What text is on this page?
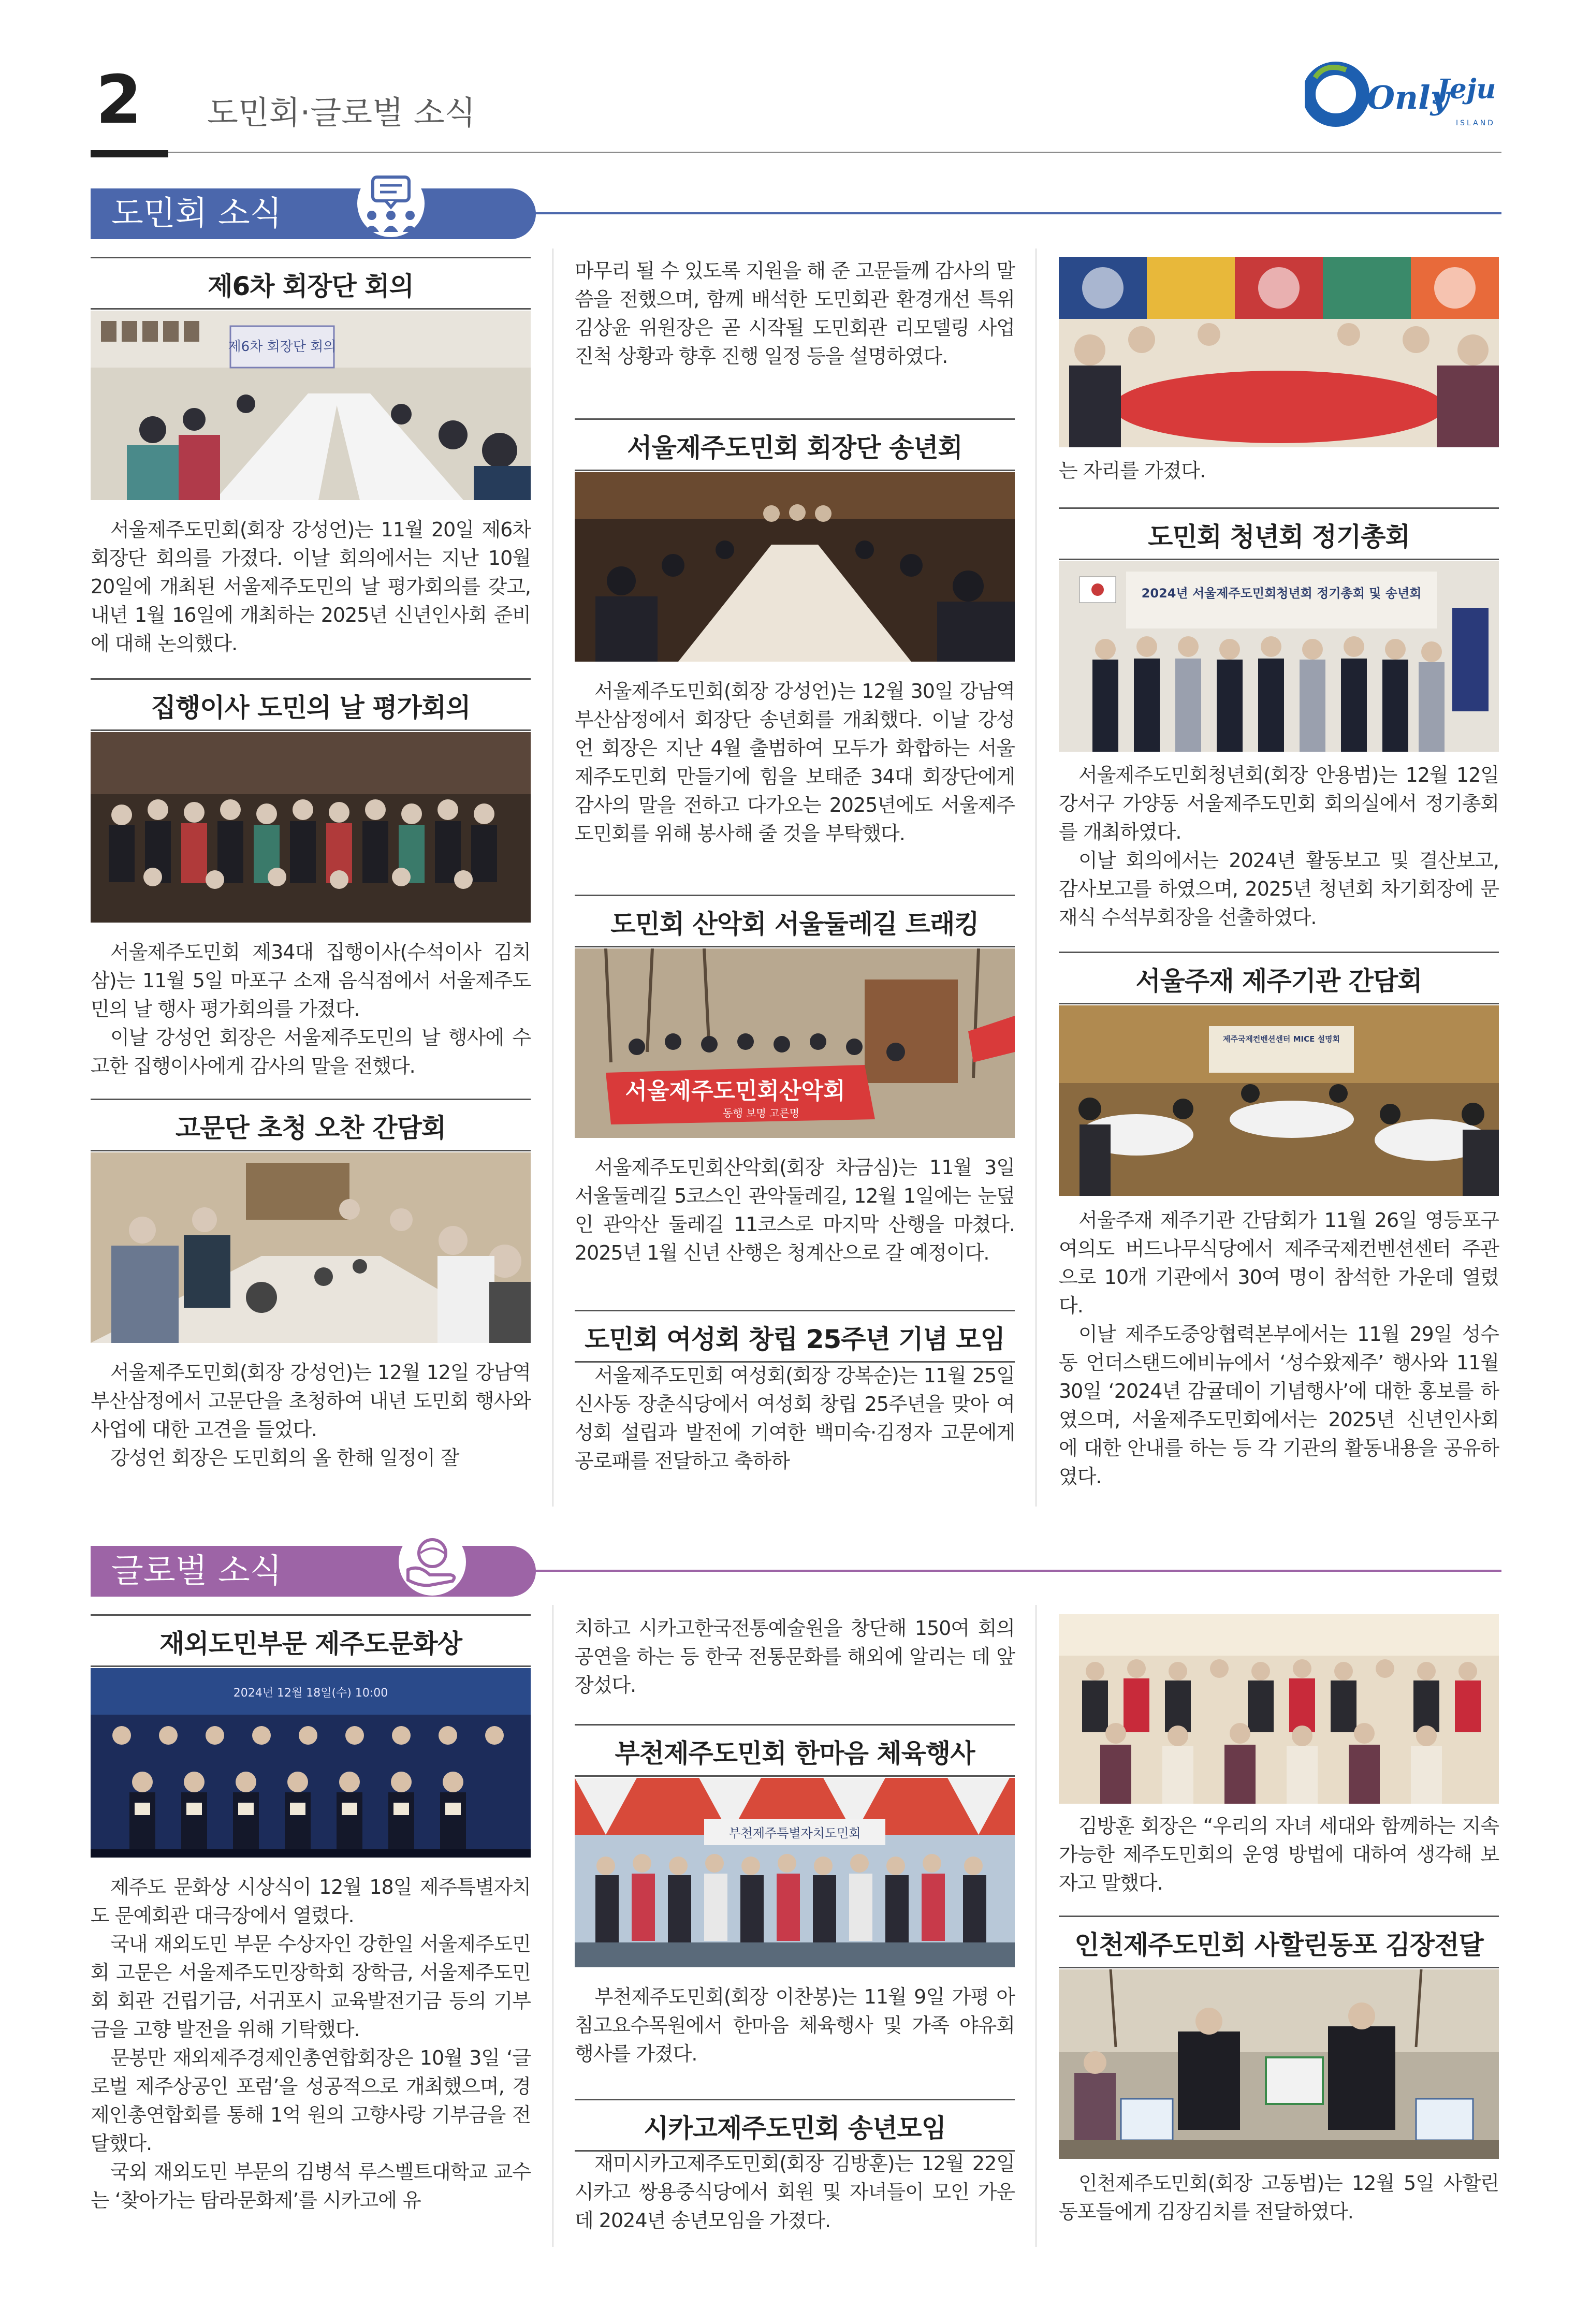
2 도민회·글로벌 소식	Only
Jeju
ISLAND
도민회 소식
제6차 회장단 회의
제6차 회장단 회의

서울제주도민회(회장 강성언)는 11월 20일 제6차 회장단 회의를 가졌다. 이날 회의에서는 지난 10월 20일에 개최된 서울제주도민의 날 평가회의를 갖고, 내년 1월 16일에 개최하는 2025년 신년인사회 준비에 대해 논의했다.

집행이사 도민의 날 평가회의

서울제주도민회 제34대 집행이사(수석이사 김치삼)는 11월 5일 마포구 소재 음식점에서 서울제주도민의 날 행사 평가회의를 가졌다.

이날 강성언 회장은 서울제주도민의 날 행사에 수고한 집행이사에게 감사의 말을 전했다.

고문단 초청 오찬 간담회

서울제주도민회(회장 강성언)는 12월 12일 강남역 부산삼정에서 고문단을 초청하여 내년 도민회 행사와 사업에 대한 고견을 들었다.

강성언 회장은 도민회의 올 한해 일정이 잘

마무리 될 수 있도록 지원을 해 준 고문들께 감사의 말씀을 전했으며, 함께 배석한 도민회관 환경개선 특위 김상윤 위원장은 곧 시작될 도민회관 리모델링 사업 진척 상황과 향후 진행 일정 등을 설명하였다.

서울제주도민회 회장단 송년회

서울제주도민회(회장 강성언)는 12월 30일 강남역 부산삼정에서 회장단 송년회를 개최했다. 이날 강성언 회장은 지난 4월 출범하여 모두가 화합하는 서울제주도민회 만들기에 힘을 보태준 34대 회장단에게 감사의 말을 전하고 다가오는 2025년에도 서울제주도민회를 위해 봉사해 줄 것을 부탁했다.

도민회 산악회 서울둘레길 트래킹
서울제주도민회산악회
동행 보명 고른명

서울제주도민회산악회(회장 차금심)는 11월 3일 서울둘레길 5코스인 관악둘레길, 12월 1일에는 눈덮인 관악산 둘레길 11코스로 마지막 산행을 마쳤다. 2025년 1월 신년 산행은 청계산으로 갈 예정이다.

도민회 여성회 창립 25주년 기념 모임

서울제주도민회 여성회(회장 강복순)는 11월 25일 신사동 장춘식당에서 여성회 창립 25주년을 맞아 여성회 설립과 발전에 기여한 백미숙·김정자 고문에게 공로패를 전달하고 축하하

는 자리를 가졌다.

도민회 청년회 정기총회
2024년 서울제주도민회청년회 정기총회 및 송년회

서울제주도민회청년회(회장 안용범)는 12월 12일 강서구 가양동 서울제주도민회 회의실에서 정기총회를 개최하였다.

이날 회의에서는 2024년 활동보고 및 결산보고, 감사보고를 하였으며, 2025년 청년회 차기회장에 문재식 수석부회장을 선출하였다.

서울주재 제주기관 간담회
제주국제컨벤션센터 MICE 설명회

서울주재 제주기관 간담회가 11월 26일 영등포구 여의도 버드나무식당에서 제주국제컨벤션센터 주관으로 10개 기관에서 30여 명이 참석한 가운데 열렸다.

이날 제주도중앙협력본부에서는 11월 29일 성수동 언더스탠드에비뉴에서 ‘성수왔제주’ 행사와 11월 30일 ‘2024년 감귤데이 기념행사’에 대한 홍보를 하였으며, 서울제주도민회에서는 2025년 신년인사회에 대한 안내를 하는 등 각 기관의 활동내용을 공유하였다.

글로벌 소식
재외도민부문 제주도문화상
2024년 12월 18일(수) 10:00

제주도 문화상 시상식이 12월 18일 제주특별자치도 문예회관 대극장에서 열렸다.

국내 재외도민 부문 수상자인 강한일 서울제주도민회 고문은 서울제주도민장학회 장학금, 서울제주도민회 회관 건립기금, 서귀포시 교육발전기금 등의 기부금을 고향 발전을 위해 기탁했다.

문봉만 재외제주경제인총연합회장은 10월 3일 ‘글로벌 제주상공인 포럼’을 성공적으로 개최했으며, 경제인총연합회를 통해 1억 원의 고향사랑 기부금을 전달했다.

국외 재외도민 부문의 김병석 루스벨트대학교 교수는 ‘찾아가는 탐라문화제’를 시카고에 유

치하고 시카고한국전통예술원을 창단해 150여 회의 공연을 하는 등 한국 전통문화를 해외에 알리는 데 앞장섰다.

부천제주도민회 한마음 체육행사
부천제주특별자치도민회

부천제주도민회(회장 이찬봉)는 11월 9일 가평 아침고요수목원에서 한마음 체육행사 및 가족 야유회 행사를 가졌다.

시카고제주도민회 송년모임

재미시카고제주도민회(회장 김방훈)는 12월 22일 시카고 쌍용중식당에서 회원 및 자녀들이 모인 가운데 2024년 송년모임을 가졌다.

김방훈 회장은 “우리의 자녀 세대와 함께하는 지속 가능한 제주도민회의 운영 방법에 대하여 생각해 보자고 말했다.

인천제주도민회 사할린동포 김장전달

인천제주도민회(회장 고동범)는 12월 5일 사할린동포들에게 김장김치를 전달하였다.
